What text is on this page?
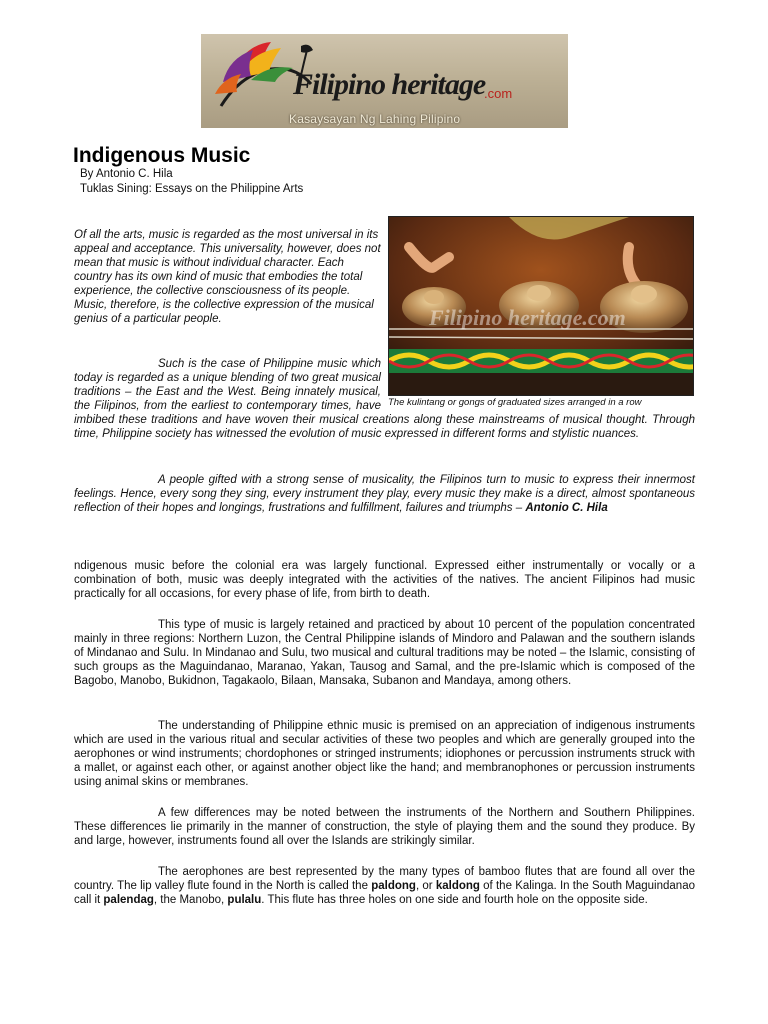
Filipino heritage
.com
Kasaysayan Ng Lahing Pilipino
Indigenous Music
By Antonio C. Hila
Tuklas Sining: Essays on the Philippine Arts
Filipino heritage.com
The kulintang or gongs of graduated sizes arranged in a row

Of all the arts, music is regarded as the most universal in its appeal and acceptance. This universality, however, does not mean that music is without individual character. Each country has its own kind of music that embodies the total experience, the collective consciousness of its people. Music, therefore, is the collective expression of the musical genius of a particular people.

Such is the case of Philippine music which today is regarded as a unique blending of two great musical traditions – the East and the West. Being innately musical, the Filipinos, from the earliest to contemporary times, have imbibed these traditions and have woven their musical creations along these mainstreams of musical thought. Through time, Philippine society has witnessed the evolution of music expressed in different forms and stylistic nuances.

A people gifted with a strong sense of musicality, the Filipinos turn to music to express their innermost feelings. Hence, every song they sing, every instrument they play, every music they make is a direct, almost spontaneous reflection of their hopes and longings, frustrations and fulfillment, failures and triumphs – Antonio C. Hila

ndigenous music before the colonial era was largely functional. Expressed either instrumentally or vocally or a combination of both, music was deeply integrated with the activities of the natives. The ancient Filipinos had music practically for all occasions, for every phase of life, from birth to death.

This type of music is largely retained and practiced by about 10 percent of the population concentrated mainly in three regions: Northern Luzon, the Central Philippine islands of Mindoro and Palawan and the southern islands of Mindanao and Sulu. In Mindanao and Sulu, two musical and cultural traditions may be noted – the Islamic, consisting of such groups as the Maguindanao, Maranao, Yakan, Tausog and Samal, and the pre-Islamic which is composed of the Bagobo, Manobo, Bukidnon, Tagakaolo, Bilaan, Mansaka, Subanon and Mandaya, among others.

The understanding of Philippine ethnic music is premised on an appreciation of indigenous instruments which are used in the various ritual and secular activities of these two peoples and which are generally grouped into the aerophones or wind instruments; chordophones or stringed instruments; idiophones or percussion instruments struck with a mallet, or against each other, or against another object like the hand; and membranophones or percussion instruments using animal skins or membranes.

A few differences may be noted between the instruments of the Northern and Southern Philippines. These differences lie primarily in the manner of construction, the style of playing them and the sound they produce. By and large, however, instruments found all over the Islands are strikingly similar.

The aerophones are best represented by the many types of bamboo flutes that are found all over the country. The lip valley flute found in the North is called the paldong, or kaldong of the Kalinga. In the South Maguindanao call it palendag, the Manobo, pulalu. This flute has three holes on one side and fourth hole on the opposite side.
